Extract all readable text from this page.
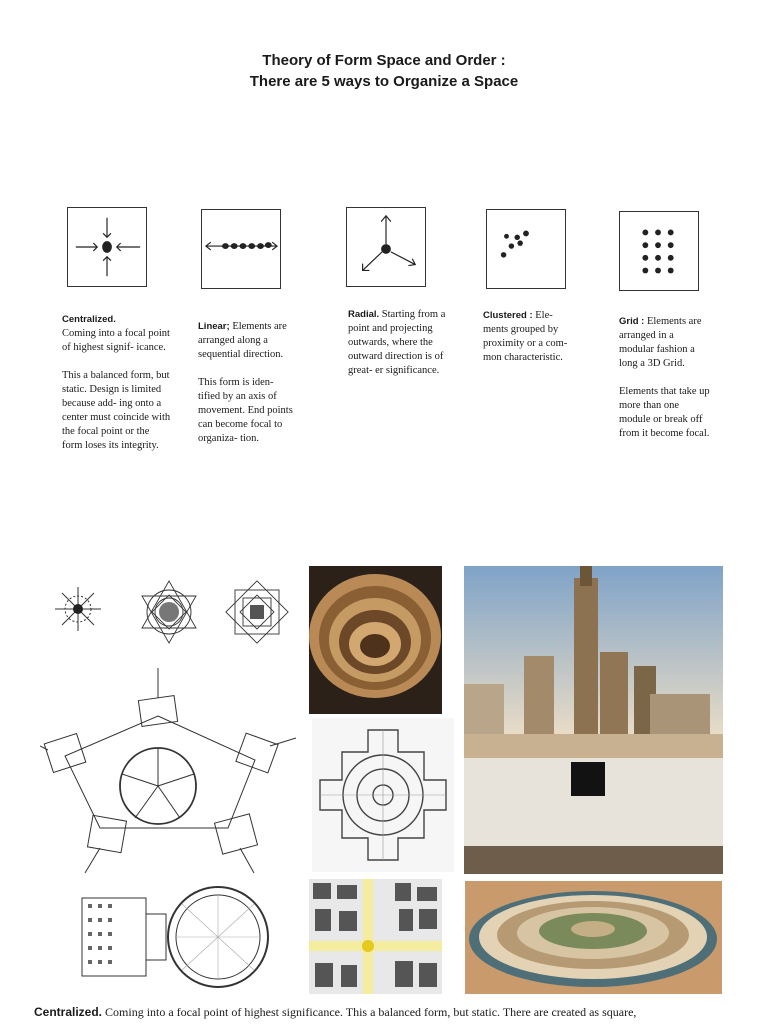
Theory of Form Space and Order :
There are 5 ways to Organize a Space
Centralized.

Coming into a focal point of highest signif- icance.

This a balanced form, but static. Design is limited because add- ing onto a center must coincide with the focal point or the form loses its integrity.

Linear; Elements are arranged along a sequential direction.

This form is iden- tified by an axis of movement. End points can become focal to organiza- tion.

Radial. Starting from a point and projecting outwards, where the outward direction is of great- er significance.

Clustered : Ele- ments grouped by proximity or a com- mon characteristic.

Grid : Elements are arranged in a modular fashion a long a 3D Grid.

Elements that take up more than one module or break off from it become focal.

Centralized. Coming into a focal point of highest significance. This a balanced form, but static. There are created as square,
